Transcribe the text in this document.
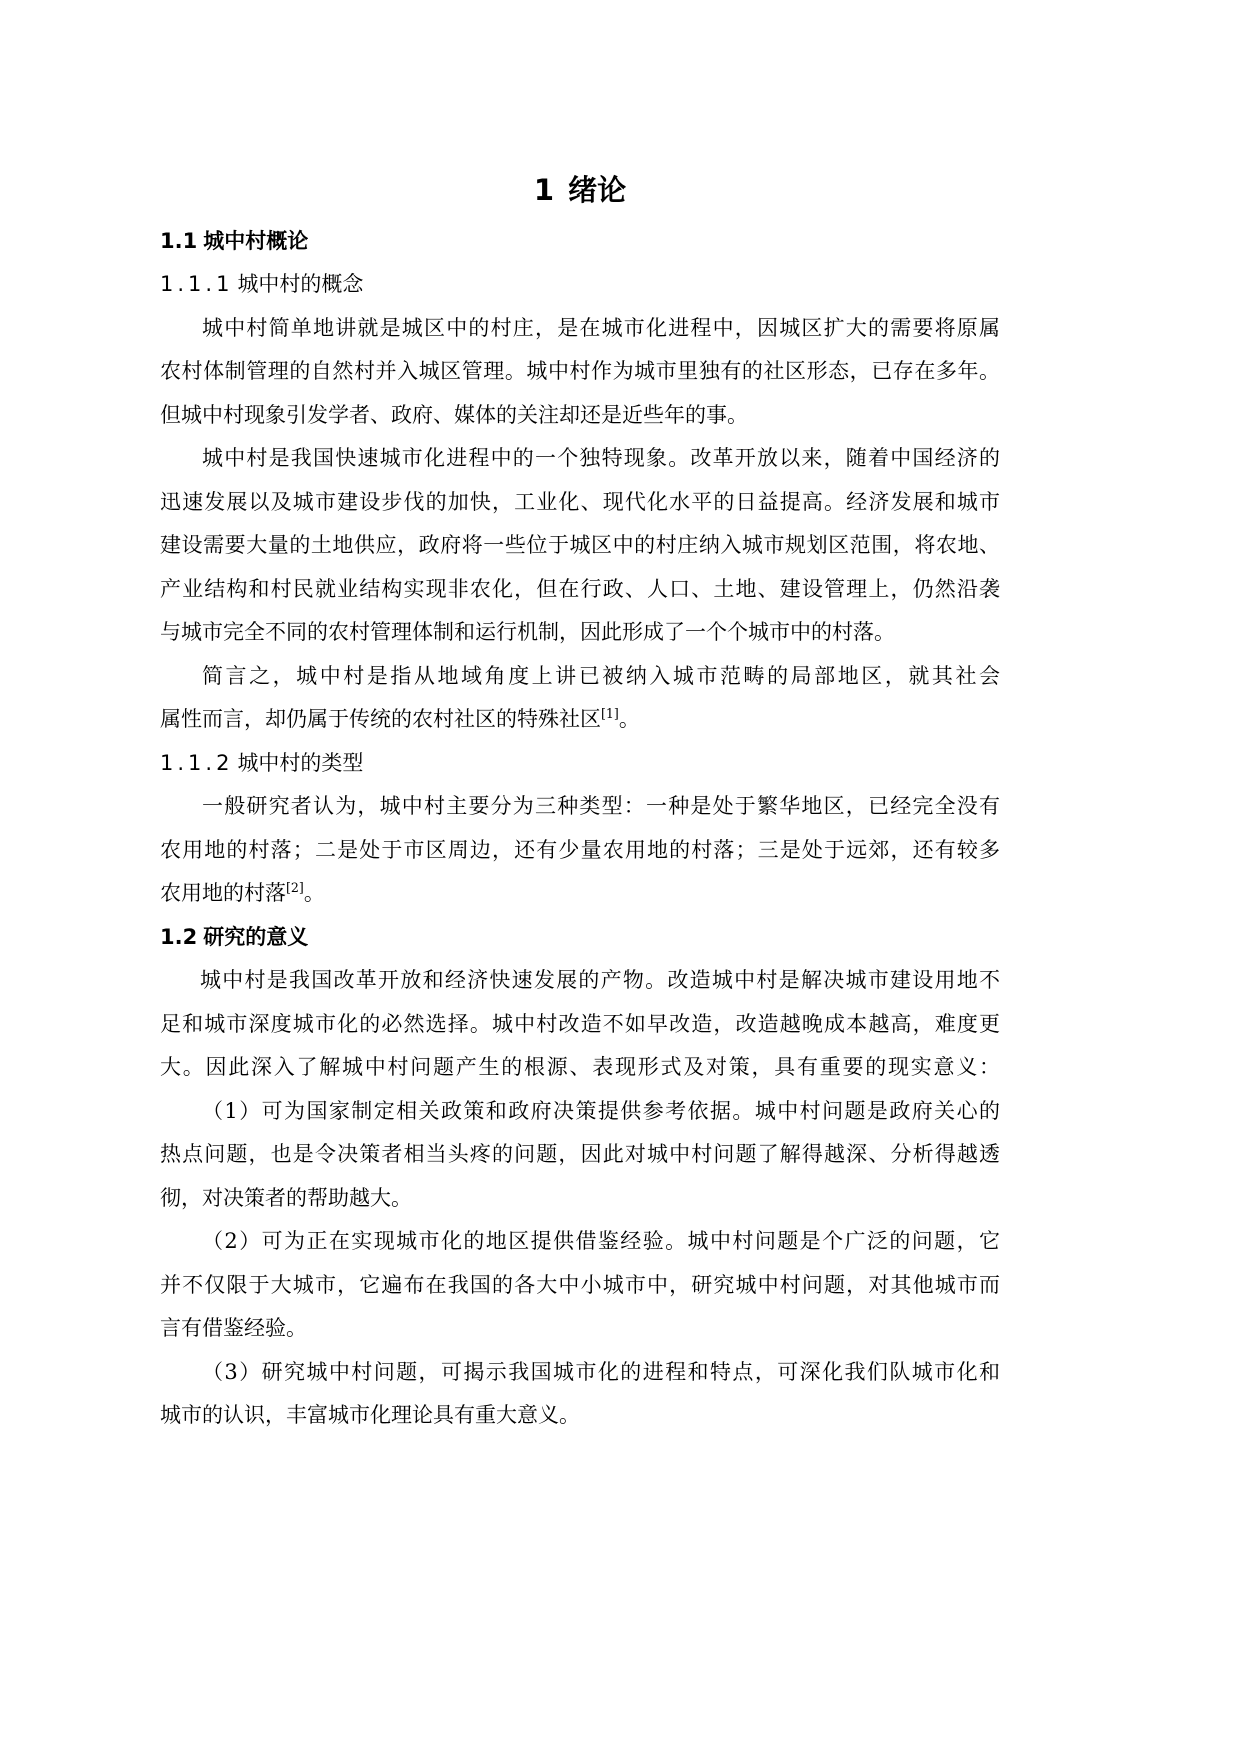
1 绪论
1.1 城中村概论
1.1.1 城中村的概念
城中村简单地讲就是城区中的村庄，是在城市化进程中，因城区扩大的需要将原属
农村体制管理的自然村并入城区管理。城中村作为城市里独有的社区形态，已存在多年。
但城中村现象引发学者、政府、媒体的关注却还是近些年的事。
城中村是我国快速城市化进程中的一个独特现象。改革开放以来，随着中国经济的
迅速发展以及城市建设步伐的加快，工业化、现代化水平的日益提高。经济发展和城市
建设需要大量的土地供应，政府将一些位于城区中的村庄纳入城市规划区范围，将农地、
产业结构和村民就业结构实现非农化，但在行政、人口、土地、建设管理上，仍然沿袭
与城市完全不同的农村管理体制和运行机制，因此形成了一个个城市中的村落。
简言之，城中村是指从地域角度上讲已被纳入城市范畴的局部地区，就其社会
属性而言，却仍属于传统的农村社区的特殊社区[1]。
1.1.2 城中村的类型
一般研究者认为，城中村主要分为三种类型：一种是处于繁华地区，已经完全没有
农用地的村落；二是处于市区周边，还有少量农用地的村落；三是处于远郊，还有较多
农用地的村落[2]。
1.2 研究的意义
城中村是我国改革开放和经济快速发展的产物。改造城中村是解决城市建设用地不
足和城市深度城市化的必然选择。城中村改造不如早改造，改造越晚成本越高，难度更
大。因此深入了解城中村问题产生的根源、表现形式及对策，具有重要的现实意义：
（1）可为国家制定相关政策和政府决策提供参考依据。城中村问题是政府关心的
热点问题，也是令决策者相当头疼的问题，因此对城中村问题了解得越深、分析得越透
彻，对决策者的帮助越大。
（2）可为正在实现城市化的地区提供借鉴经验。城中村问题是个广泛的问题，它
并不仅限于大城市，它遍布在我国的各大中小城市中，研究城中村问题，对其他城市而
言有借鉴经验。
（3）研究城中村问题，可揭示我国城市化的进程和特点，可深化我们队城市化和
城市的认识，丰富城市化理论具有重大意义。
